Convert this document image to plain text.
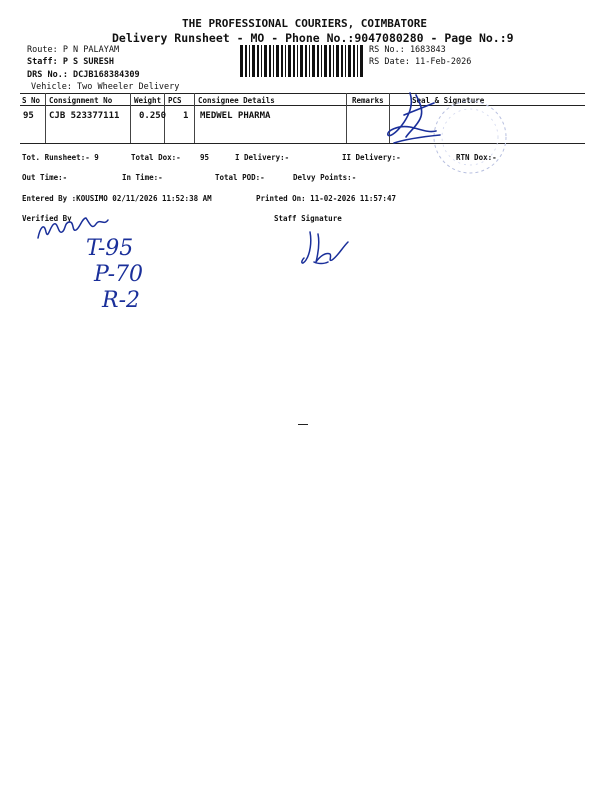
THE PROFESSIONAL COURIERS, COIMBATORE
Delivery Runsheet - MO - Phone No.:9047080280 - Page No.:9
Route: P N PALAYAM
Staff: P S SURESH
DRS No.: DCJB168384309
Vehicle: Two Wheeler Delivery
RS No.: 1683843
RS Date: 11-Feb-2026
S No Consignment No	Weight PCS Consignee Details	Remarks	Seal & Signature
95 CJB 523377111 0.250 1 MEDWEL PHARMA
Tot. Runsheet:- 9	Total Dox:-	95	I Delivery:-	II Delivery:-	RTN Dox:-
Out Time:-	In Time:-	Total POD:-	Delvy Points:-
Entered By :KOUSIMO 02/11/2026 11:52:38 AM	Printed On: 11-02-2026 11:57:47
Verified By	Staff Signature
T-95
P-70
R-2
